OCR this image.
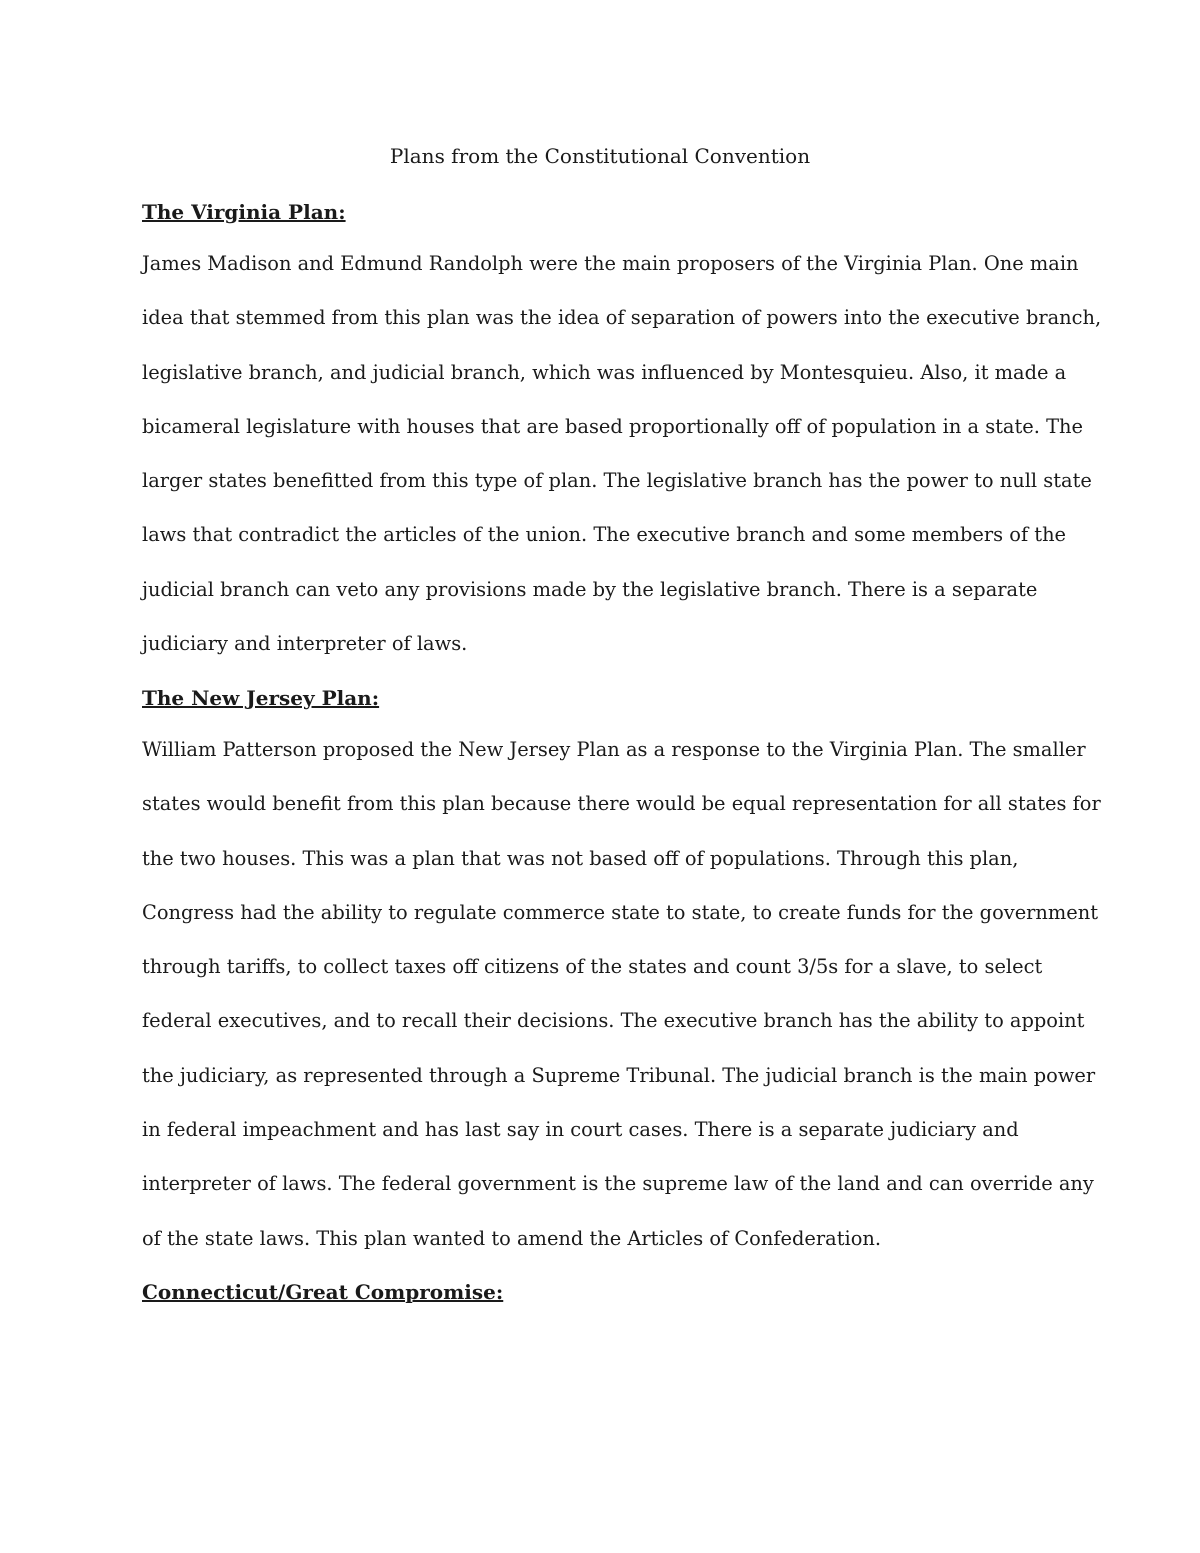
Plans from the Constitutional Convention
The Virginia Plan:
James Madison and Edmund Randolph were the main proposers of the Virginia Plan. One main
idea that stemmed from this plan was the idea of separation of powers into the executive branch,
legislative branch, and judicial branch, which was influenced by Montesquieu. Also, it made a
bicameral legislature with houses that are based proportionally off of population in a state. The
larger states benefitted from this type of plan. The legislative branch has the power to null state
laws that contradict the articles of the union. The executive branch and some members of the
judicial branch can veto any provisions made by the legislative branch. There is a separate
judiciary and interpreter of laws.
The New Jersey Plan:
William Patterson proposed the New Jersey Plan as a response to the Virginia Plan. The smaller
states would benefit from this plan because there would be equal representation for all states for
the two houses. This was a plan that was not based off of populations. Through this plan,
Congress had the ability to regulate commerce state to state, to create funds for the government
through tariffs, to collect taxes off citizens of the states and count 3/5s for a slave, to select
federal executives, and to recall their decisions. The executive branch has the ability to appoint
the judiciary, as represented through a Supreme Tribunal. The judicial branch is the main power
in federal impeachment and has last say in court cases. There is a separate judiciary and
interpreter of laws. The federal government is the supreme law of the land and can override any
of the state laws. This plan wanted to amend the Articles of Confederation.
Connecticut/Great Compromise:
